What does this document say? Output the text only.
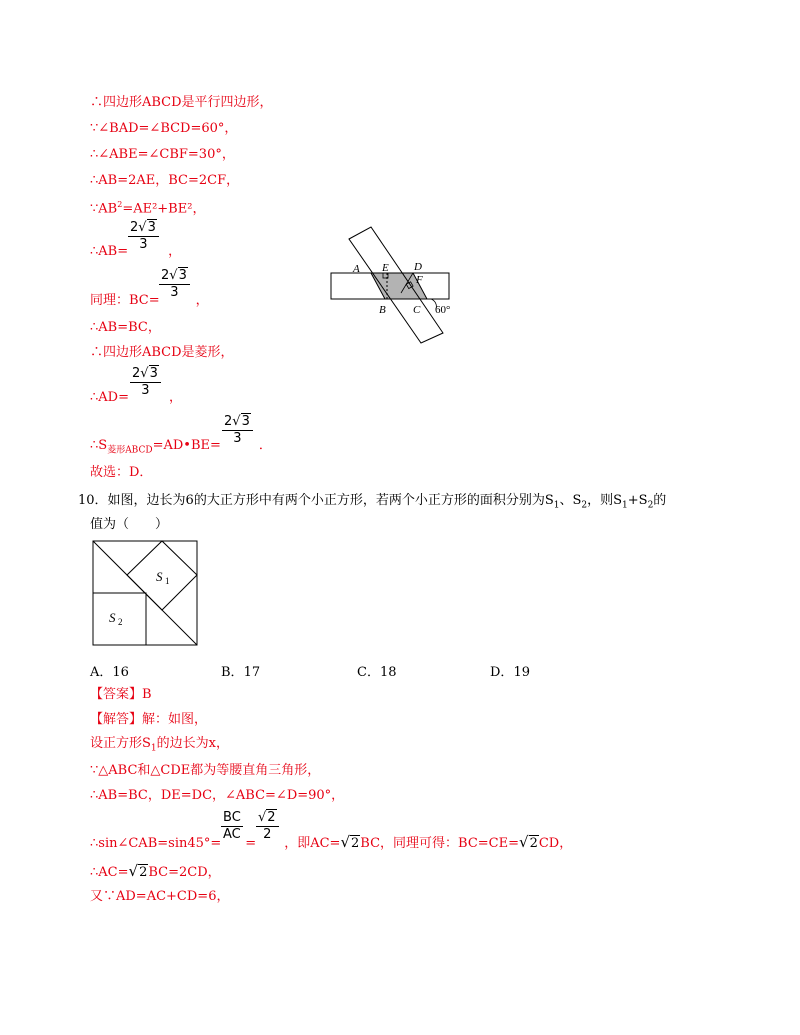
∴四边形ABCD是平行四边形，
∵∠BAD=∠BCD=60°，
∴∠ABE=∠CBF=30°，
∴AB=2AE，BC=2CF，
$\because AB^2=AE^2+BE^2$，
∴AB=	，
2√3
3
同理：BC=	，
2√3
3
∴AB=BC，
∴四边形ABCD是菱形，
∴AD=	，
2√3
3
$\therefore S_{菱形ABCD}=AD•BE=$	．
2√3
3
故选：D．
A E D
F
B C 60°
10．如图，边长为6的大正方形中有两个小正方形，若两个小正方形的面积分别为$S_1$、$S_2$，则$S_1+S_2$的
值为（　　）
S 1
S 2
A．16	B．17	C．18	D．19
【答案】B
【解答】解：如图，
设正方形$S_1$的边长为x，
∵△ABC和△CDE都为等腰直角三角形，
∴AB=BC，DE=DC，∠ABC=∠D=90°，
∴sin∠CAB=sin45°= = ，即AC=√2BC，同理可得：BC=CE=√2CD，
BC
AC
√2
2
∴AC=√2BC=2CD，
又∵AD=AC+CD=6，
